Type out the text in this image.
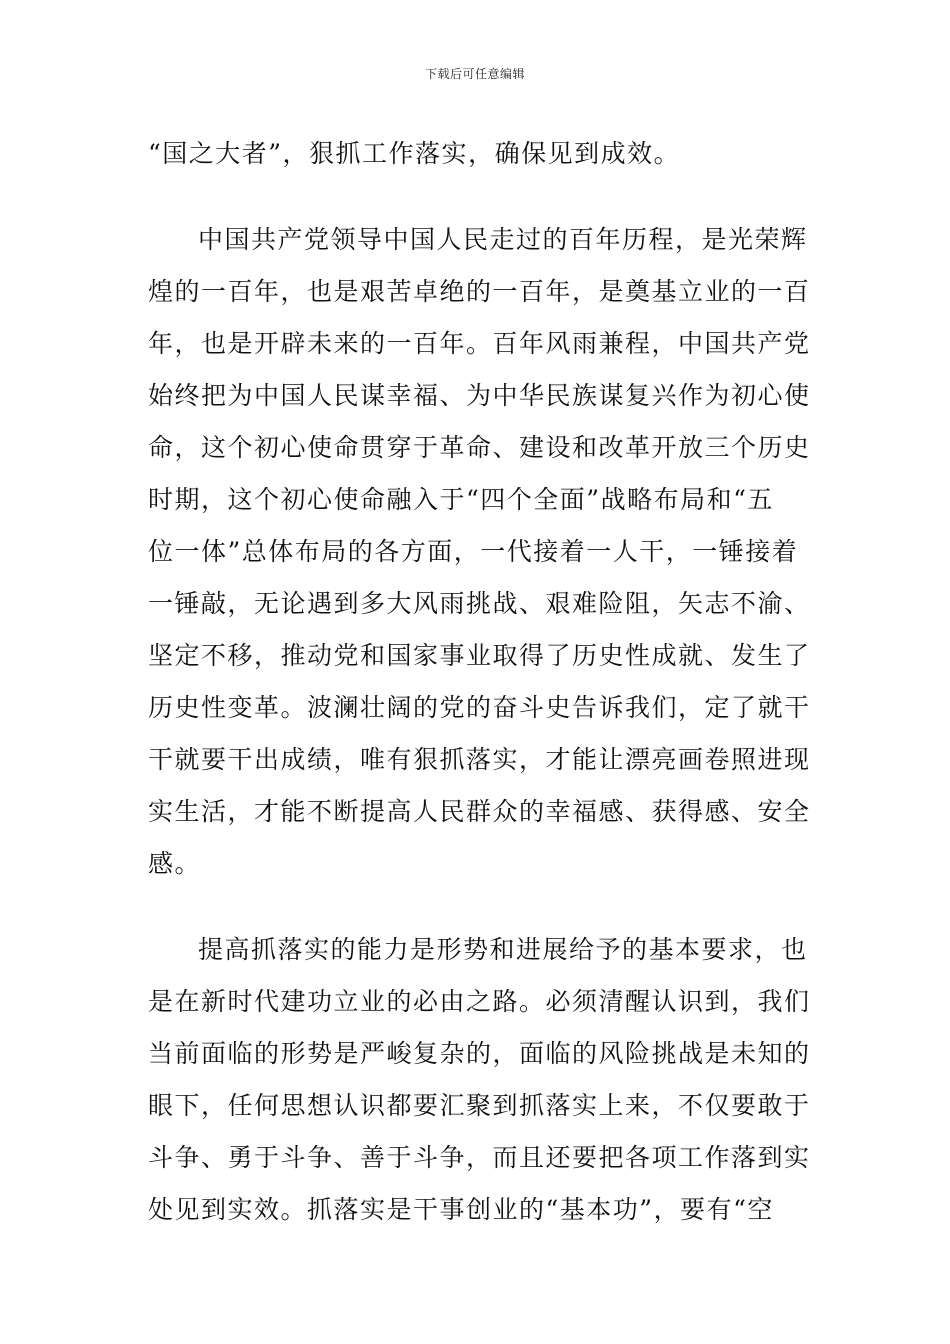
下载后可任意编辑
“国之大者”，狠抓工作落实，确保见到成效。
中国共产党领导中国人民走过的百年历程，是光荣辉
煌的一百年，也是艰苦卓绝的一百年，是奠基立业的一百
年，也是开辟未来的一百年。百年风雨兼程，中国共产党
始终把为中国人民谋幸福、为中华民族谋复兴作为初心使
命，这个初心使命贯穿于革命、建设和改革开放三个历史
时期，这个初心使命融入于“四个全面”战略布局和“五
位一体”总体布局的各方面，一代接着一人干，一锤接着
一锤敲，无论遇到多大风雨挑战、艰难险阻，矢志不渝、
坚定不移，推动党和国家事业取得了历史性成就、发生了
历史性变革。波澜壮阔的党的奋斗史告诉我们，定了就干
干就要干出成绩，唯有狠抓落实，才能让漂亮画卷照进现
实生活，才能不断提高人民群众的幸福感、获得感、安全
感。
提高抓落实的能力是形势和进展给予的基本要求，也
是在新时代建功立业的必由之路。必须清醒认识到，我们
当前面临的形势是严峻复杂的，面临的风险挑战是未知的
眼下，任何思想认识都要汇聚到抓落实上来，不仅要敢于
斗争、勇于斗争、善于斗争，而且还要把各项工作落到实
处见到实效。抓落实是干事创业的“基本功”，要有“空
